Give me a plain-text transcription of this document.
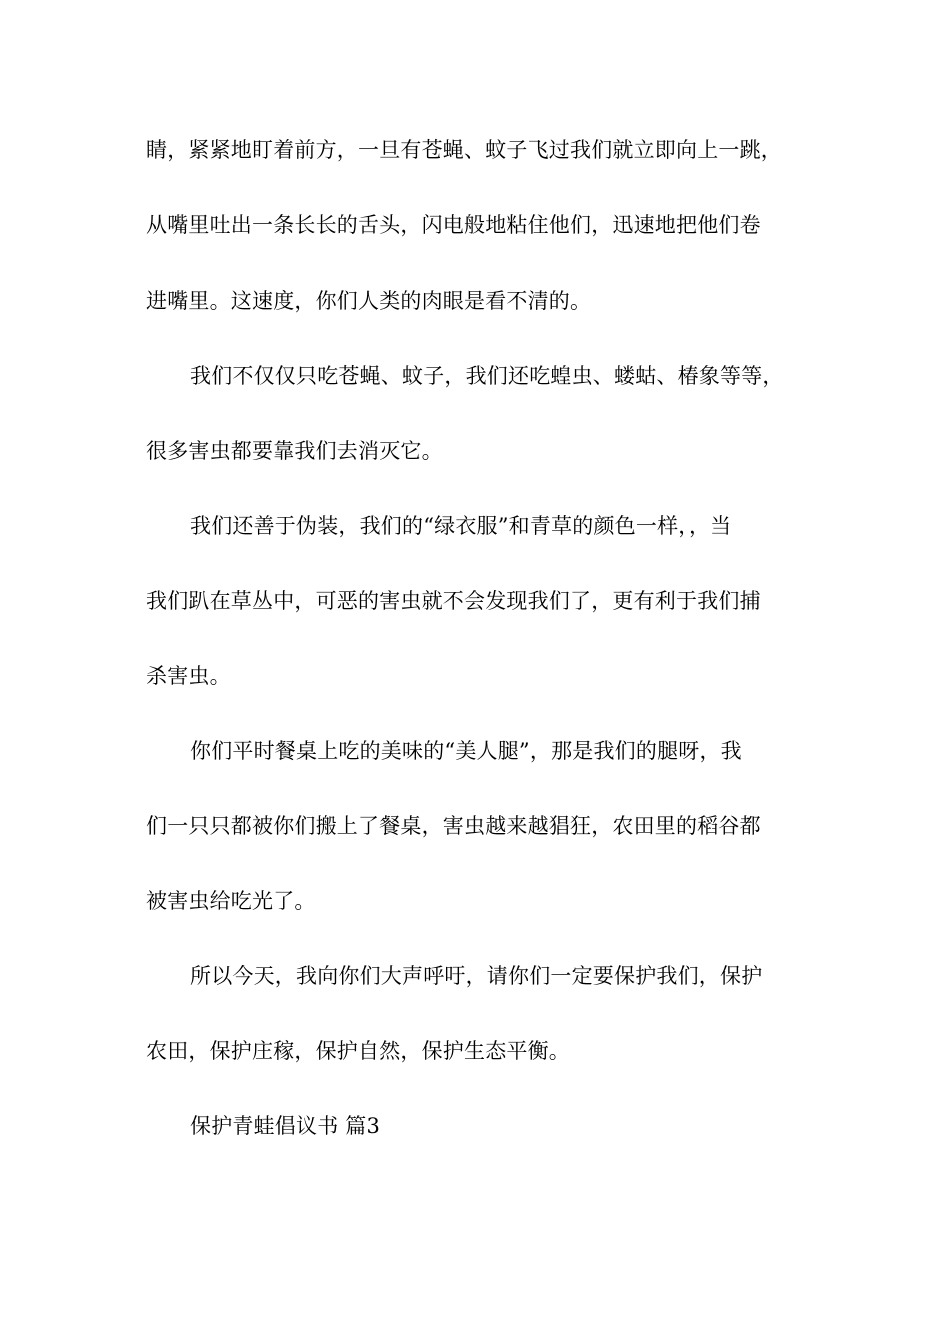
睛，紧紧地盯着前方，一旦有苍蝇、蚊子飞过我们就立即向上一跳，
从嘴里吐出一条长长的舌头，闪电般地粘住他们，迅速地把他们卷
进嘴里。这速度，你们人类的肉眼是看不清的。
我们不仅仅只吃苍蝇、蚊子，我们还吃蝗虫、蝼蛄、椿象等等，
很多害虫都要靠我们去消灭它。
我们还善于伪装，我们的“绿衣服”和青草的颜色一样，，当
我们趴在草丛中，可恶的害虫就不会发现我们了，更有利于我们捕
杀害虫。
你们平时餐桌上吃的美味的“美人腿”，那是我们的腿呀，我
们一只只都被你们搬上了餐桌，害虫越来越猖狂，农田里的稻谷都
被害虫给吃光了。
所以今天，我向你们大声呼吁，请你们一定要保护我们，保护
农田，保护庄稼，保护自然，保护生态平衡。
保护青蛙倡议书 篇3
